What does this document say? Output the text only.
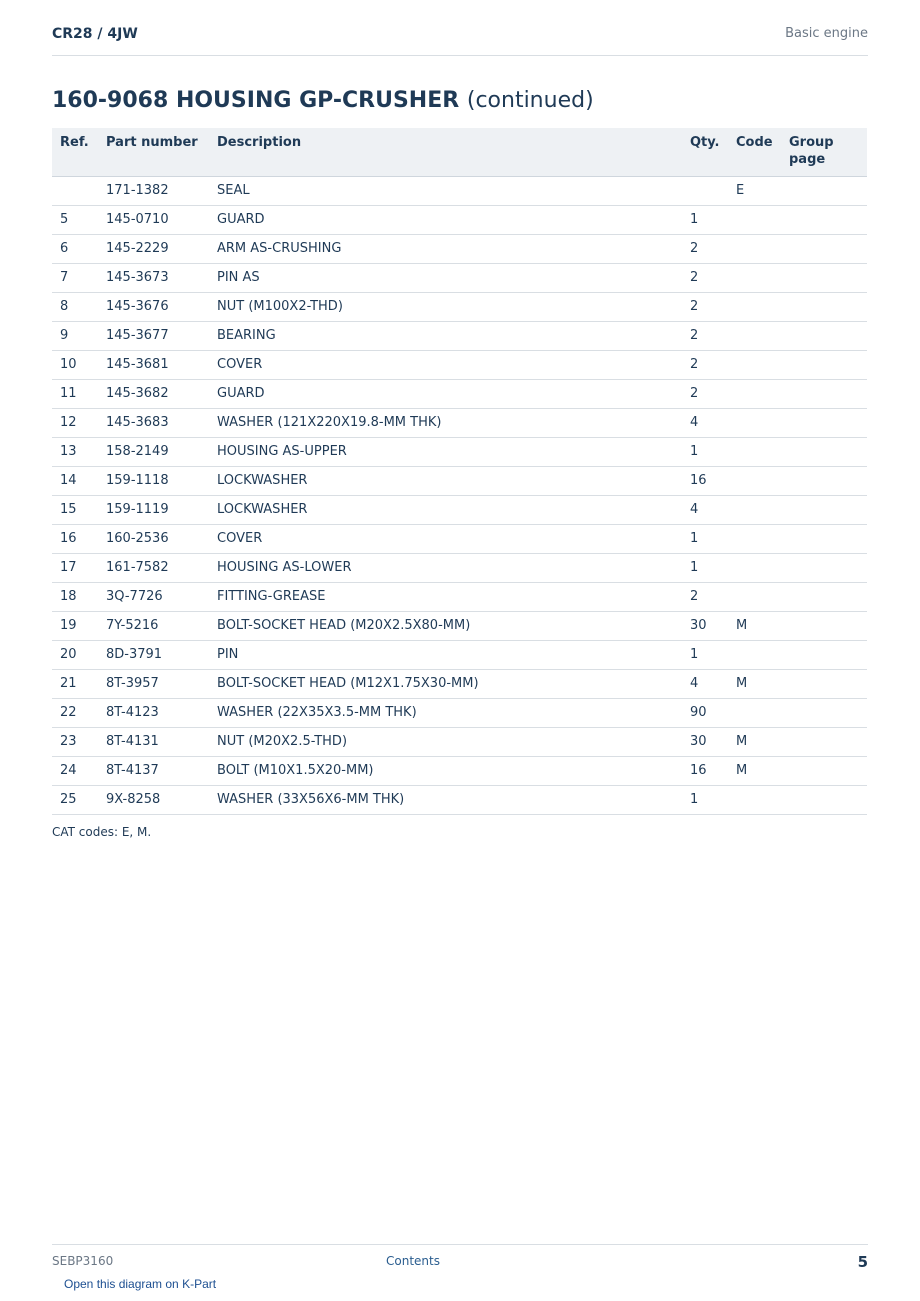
CR28 / 4JW	Basic engine
160-9068 HOUSING GP-CRUSHER (continued)
Ref.	Part number	Description	Qty.	Code	Group page
	171-1382	SEAL		E	
5	145-0710	GUARD	1		
6	145-2229	ARM AS-CRUSHING	2		
7	145-3673	PIN AS	2		
8	145-3676	NUT (M100X2-THD)	2		
9	145-3677	BEARING	2		
10	145-3681	COVER	2		
11	145-3682	GUARD	2		
12	145-3683	WASHER (121X220X19.8-MM THK)	4		
13	158-2149	HOUSING AS-UPPER	1		
14	159-1118	LOCKWASHER	16		
15	159-1119	LOCKWASHER	4		
16	160-2536	COVER	1		
17	161-7582	HOUSING AS-LOWER	1		
18	3Q-7726	FITTING-GREASE	2		
19	7Y-5216	BOLT-SOCKET HEAD (M20X2.5X80-MM)	30	M	
20	8D-3791	PIN	1		
21	8T-3957	BOLT-SOCKET HEAD (M12X1.75X30-MM)	4	M	
22	8T-4123	WASHER (22X35X3.5-MM THK)	90		
23	8T-4131	NUT (M20X2.5-THD)	30	M	
24	8T-4137	BOLT (M10X1.5X20-MM)	16	M	
25	9X-8258	WASHER (33X56X6-MM THK)	1		
CAT codes: E, M.
SEBP3160	Contents	5
Open this diagram on K-Part
